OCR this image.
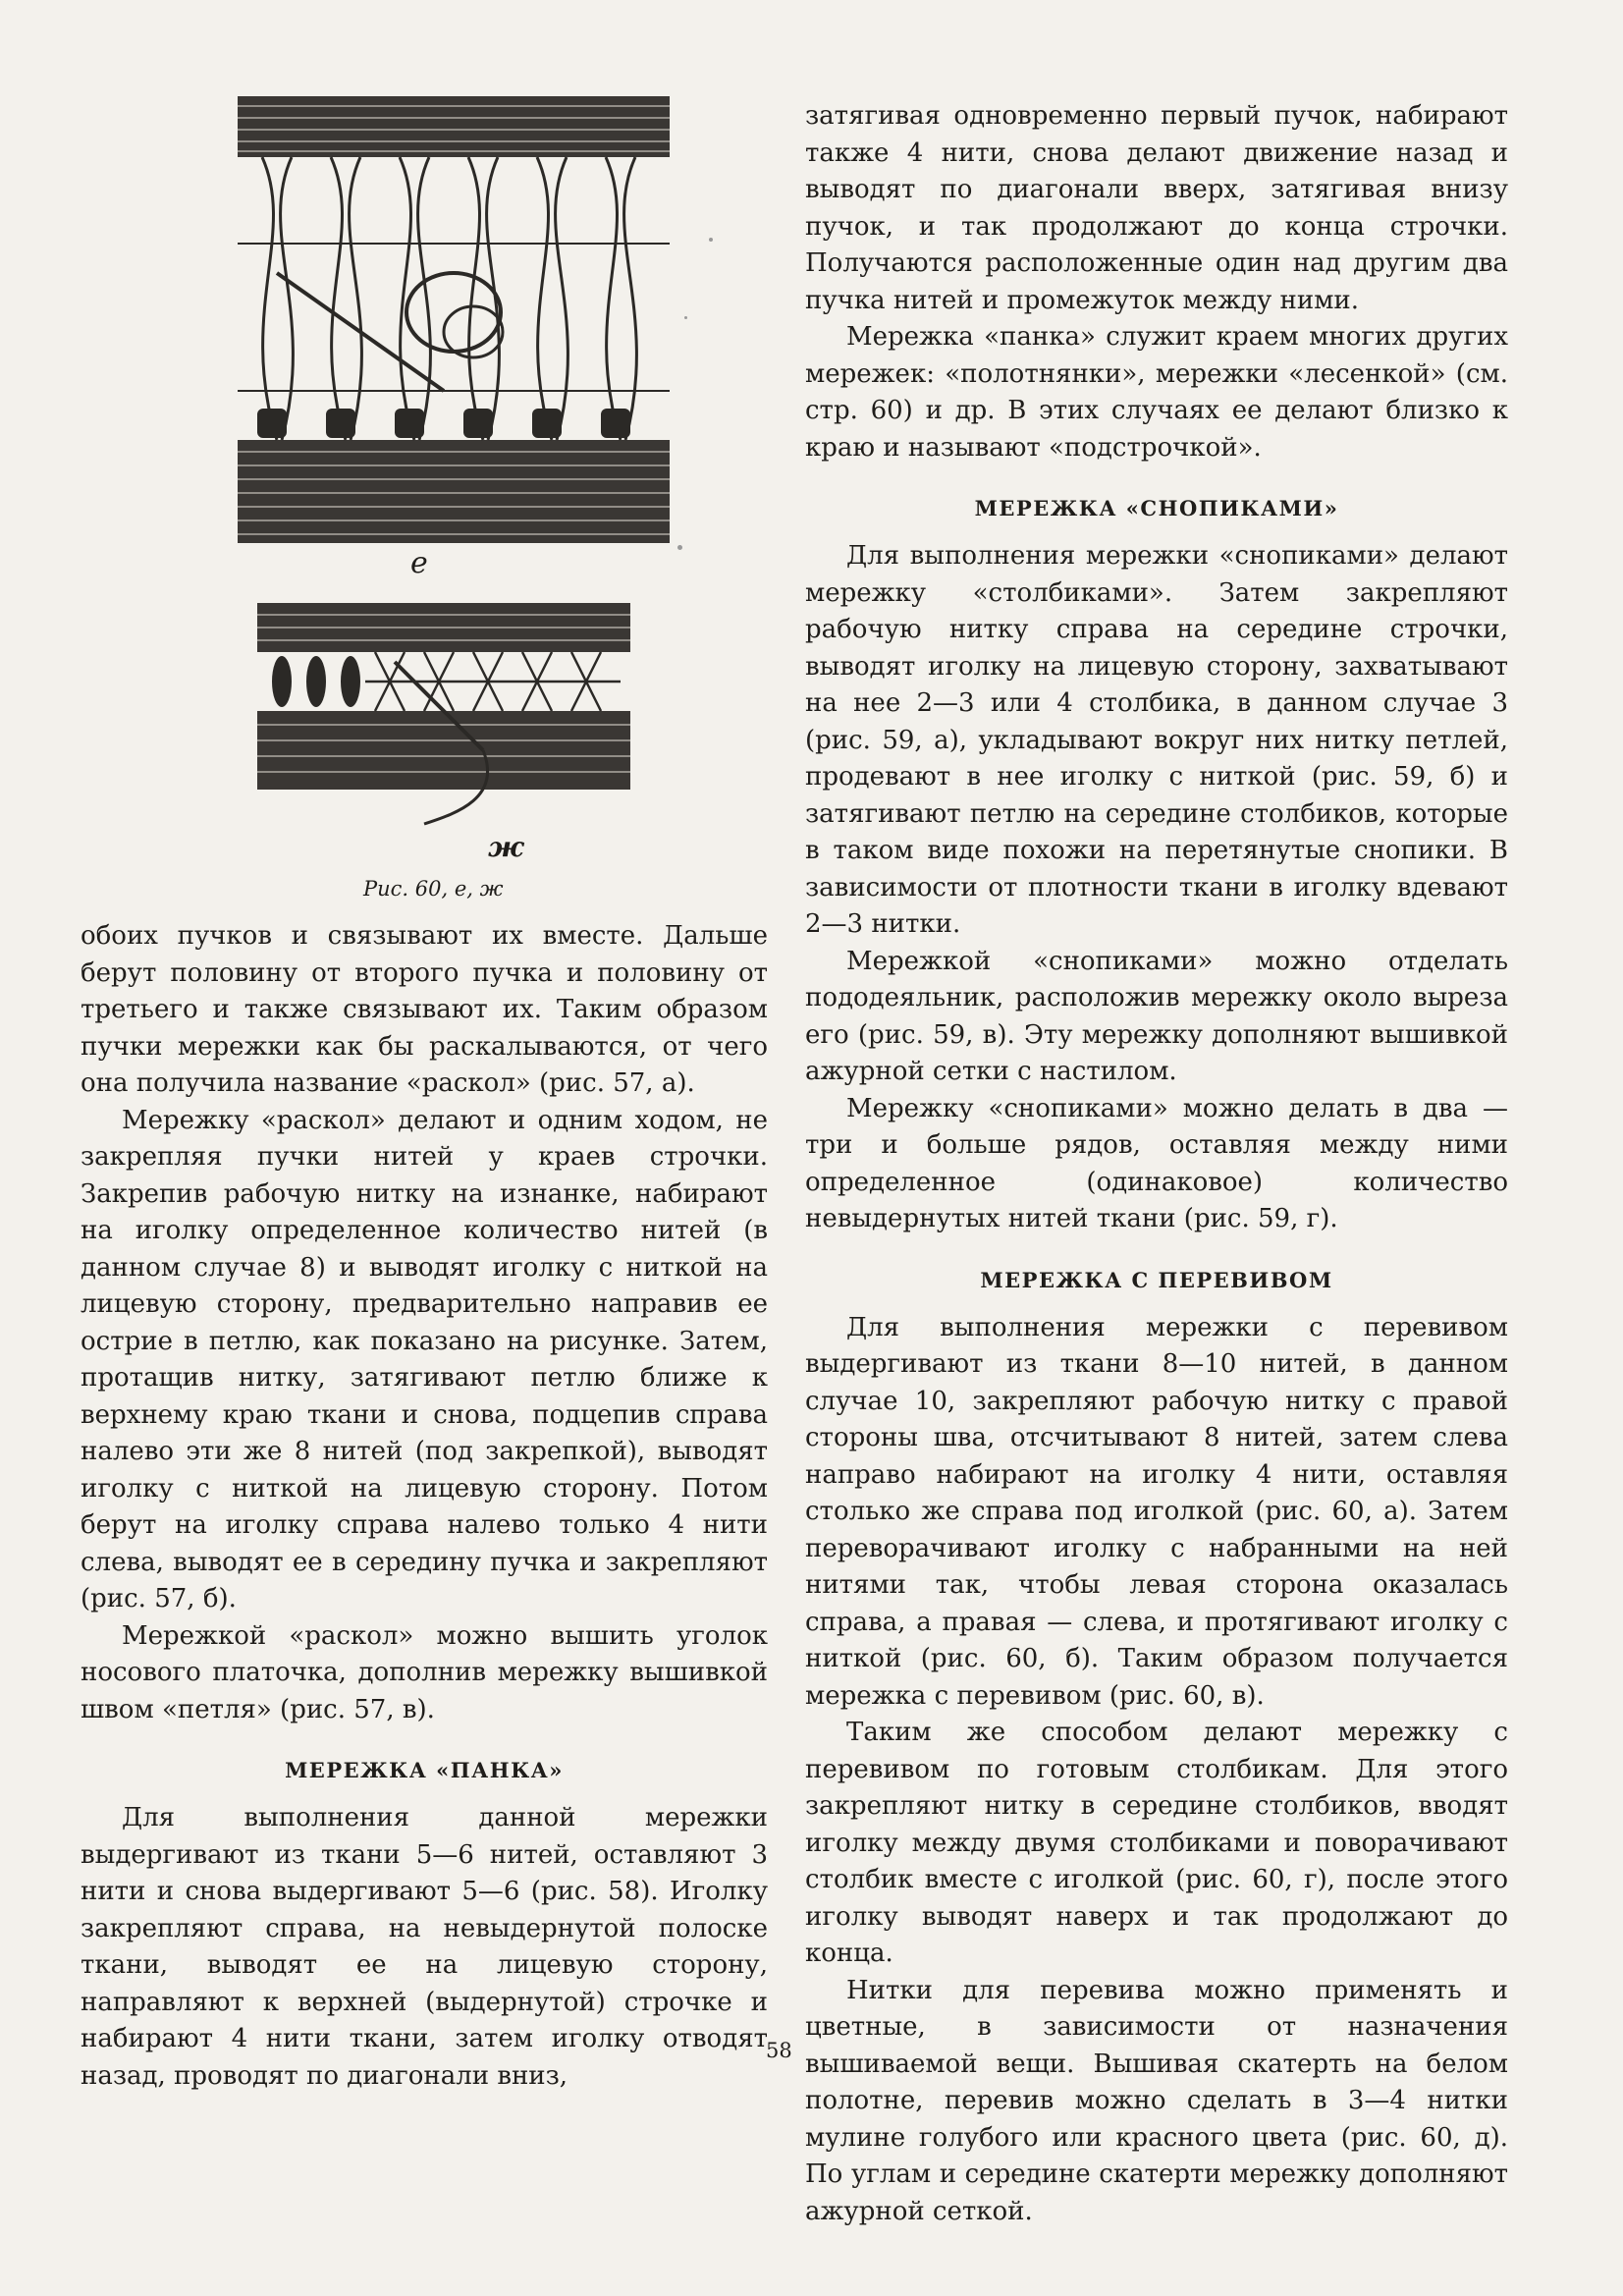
е
ж
Рис. 60, е, ж

обоих пучков и связывают их вместе. Дальше берут половину от второго пучка и половину от третьего и также связывают их. Таким образом пучки мережки как бы раскалываются, от чего она получила название «раскол» (рис. 57, а).

Мережку «раскол» делают и одним ходом, не закрепляя пучки нитей у краев строчки. Закрепив рабочую нитку на изнанке, набирают на иголку определенное количество нитей (в данном случае 8) и выводят иголку с ниткой на лицевую сторону, предварительно направив ее острие в петлю, как показано на рисунке. Затем, протащив нитку, затягивают петлю ближе к верхнему краю ткани и снова, подцепив справа налево эти же 8 нитей (под закрепкой), выводят иголку с ниткой на лицевую сторону. Потом берут на иголку справа налево только 4 нити слева, выводят ее в середину пучка и закрепляют (рис. 57, б).

Мережкой «раскол» можно вышить уголок носового платочка, дополнив мережку вышивкой швом «петля» (рис. 57, в).

МЕРЕЖКА «ПАНКА»

Для выполнения данной мережки выдергивают из ткани 5—6 нитей, оставляют 3 нити и снова выдергивают 5—6 (рис. 58). Иголку закрепляют справа, на невыдернутой полоске ткани, выводят ее на лицевую сторону, направляют к верхней (выдернутой) строчке и набирают 4 нити ткани, затем иголку отводят назад, проводят по диагонали вниз,

затягивая одновременно первый пучок, набирают также 4 нити, снова делают движение назад и выводят по диагонали вверх, затягивая внизу пучок, и так продолжают до конца строчки. Получаются расположенные один над другим два пучка нитей и промежуток между ними.

Мережка «панка» служит краем многих других мережек: «полотнянки», мережки «лесенкой» (см. стр. 60) и др. В этих случаях ее делают близко к краю и называют «подстрочкой».

МЕРЕЖКА «СНОПИКАМИ»

Для выполнения мережки «снопиками» делают мережку «столбиками». Затем закрепляют рабочую нитку справа на середине строчки, выводят иголку на лицевую сторону, захватывают на нее 2—3 или 4 столбика, в данном случае 3 (рис. 59, а), укладывают вокруг них нитку петлей, продевают в нее иголку с ниткой (рис. 59, б) и затягивают петлю на середине столбиков, которые в таком виде похожи на перетянутые снопики. В зависимости от плотности ткани в иголку вдевают 2—3 нитки.

Мережкой «снопиками» можно отделать пододеяльник, расположив мережку около выреза его (рис. 59, в). Эту мережку дополняют вышивкой ажурной сетки с настилом.

Мережку «снопиками» можно делать в два — три и больше рядов, оставляя между ними определенное (одинаковое) количество невыдернутых нитей ткани (рис. 59, г).

МЕРЕЖКА С ПЕРЕВИВОМ

Для выполнения мережки с перевивом выдергивают из ткани 8—10 нитей, в данном случае 10, закрепляют рабочую нитку с правой стороны шва, отсчитывают 8 нитей, затем слева направо набирают на иголку 4 нити, оставляя столько же справа под иголкой (рис. 60, а). Затем переворачивают иголку с набранными на ней нитями так, чтобы левая сторона оказалась справа, а правая — слева, и протягивают иголку с ниткой (рис. 60, б). Таким образом получается мережка с перевивом (рис. 60, в).

Таким же способом делают мережку с перевивом по готовым столбикам. Для этого закрепляют нитку в середине столбиков, вводят иголку между двумя столбиками и поворачивают столбик вместе с иголкой (рис. 60, г), после этого иголку выводят наверх и так продолжают до конца.

Нитки для перевива можно применять и цветные, в зависимости от назначения вышиваемой вещи. Вышивая скатерть на белом полотне, перевив можно сделать в 3—4 нитки мулине голубого или красного цвета (рис. 60, д). По углам и середине скатерти мережку дополняют ажурной сеткой.

58
